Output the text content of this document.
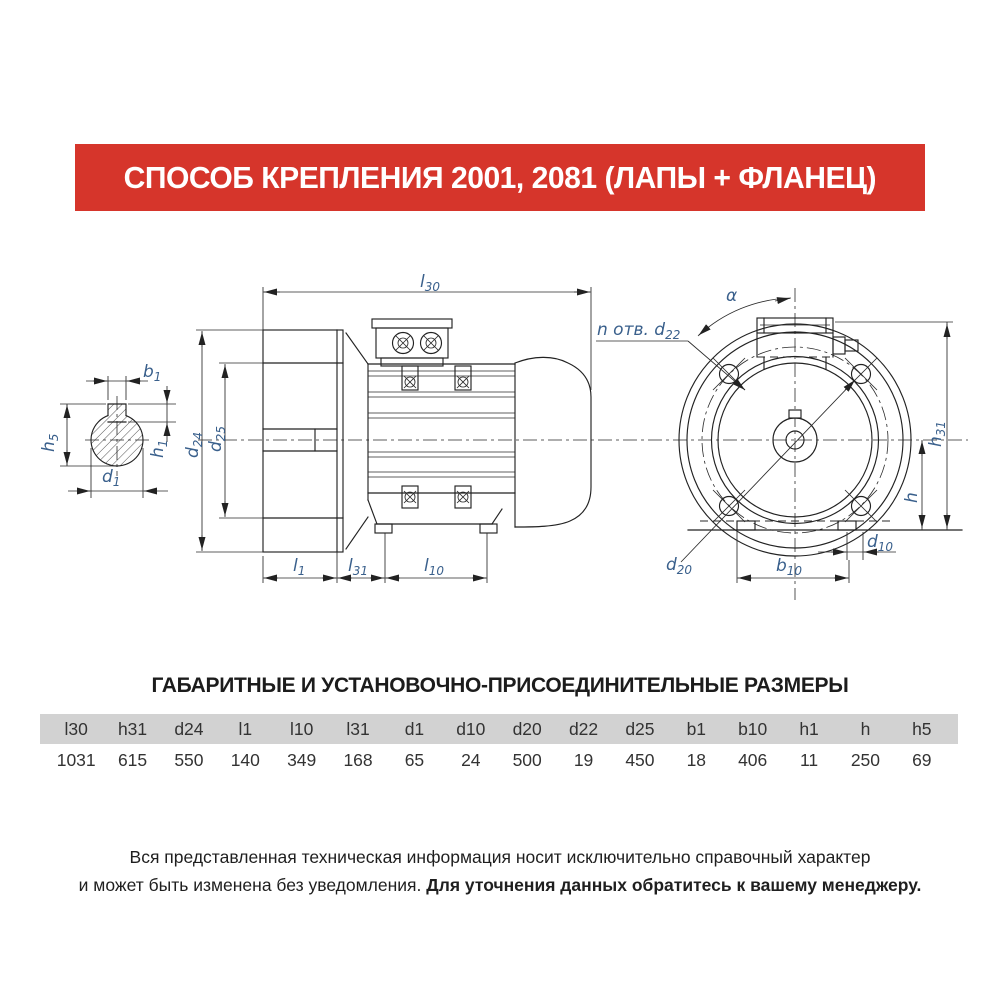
СПОСОБ КРЕПЛЕНИЯ 2001, 2081 (ЛАПЫ + ФЛАНЕЦ)
$b_1$
$h_1$
$h_5$
$d_1$
$l_{30}$
$d_{24}$ $d_{25}$
$l_1$	$l_{31}$	$l_{10}$
α
n отв. $d_{22}$
$d_{20}$
$h_{31}$
h
$d_{10}$
$b_{10}$
ГАБАРИТНЫЕ И УСТАНОВОЧНО-ПРИСОЕДИНИТЕЛЬНЫЕ РАЗМЕРЫ
l30	h31	d24	l1	l10	l31	d1	d10	d20	d22	d25	b1	b10	h1	h	h5
1031	615	550	140	349	168	65	24	500	19	450	18	406	11	250	69
Вся представленная техническая информация носит исключительно справочный характер
и может быть изменена без уведомления. Для уточнения данных обратитесь к вашему менеджеру.
